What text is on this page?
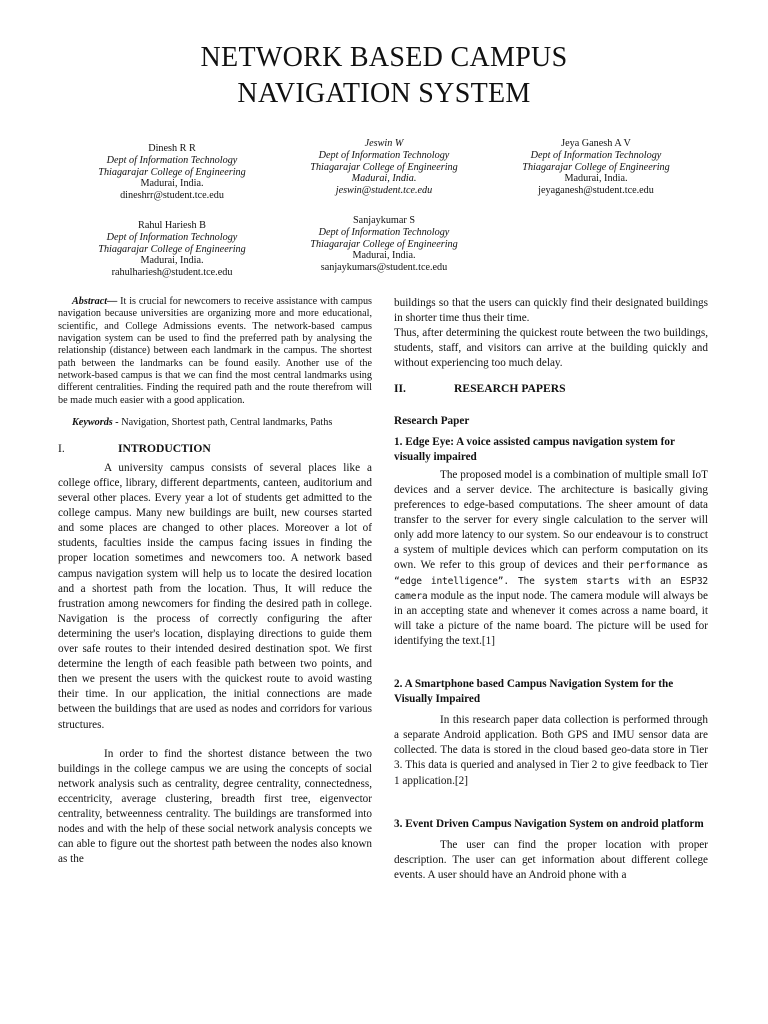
NETWORK BASED CAMPUS
NAVIGATION SYSTEM
Dinesh R R
Dept of Information Technology
Thiagarajar College of Engineering
Madurai, India.
dineshrr@student.tce.edu
Jeswin W
Dept of Information Technology
Thiagarajar College of Engineering
Madurai, India.
jeswin@student.tce.edu
Jeya Ganesh A V
Dept of Information Technology
Thiagarajar College of Engineering
Madurai, India.
jeyaganesh@student.tce.edu
Rahul Hariesh B
Dept of Information Technology
Thiagarajar College of Engineering
Madurai, India.
rahulhariesh@student.tce.edu
Sanjaykumar S
Dept of Information Technology
Thiagarajar College of Engineering
Madurai, India.
sanjaykumars@student.tce.edu

Abstract— It is crucial for newcomers to receive assistance with campus navigation because universities are organizing more and more educational, scientific, and College Admissions events. The network-based campus navigation system can be used to find the preferred path by analysing the relationship (distance) between each landmark in the campus. The shortest path between the landmarks can be found easily. Another use of the network-based campus is that we can find the most central landmarks using different centralities. Finding the required path and the route therefrom will be made much easier with a good application.

Keywords - Navigation, Shortest path, Central landmarks, Paths

I.	INTRODUCTION

A university campus consists of several places like a college office, library, different departments, canteen, auditorium and several other places. Every year a lot of students get admitted to the college campus. Many new buildings are built, new courses started and some places are changed to other places. Moreover a lot of students, faculties inside the campus facing issues in finding the proper location sometimes and newcomers too. A network based campus navigation system will help us to locate the desired location and a shortest path from the location. Thus, It will reduce the frustration among newcomers for finding the desired path in college. Navigation is the process of correctly configuring the after determining the user's location, displaying directions to guide them over safe routes to their intended desired destination spot. We first determine the length of each feasible path between two points, and then we present the users with the quickest route to avoid wasting their time. In our application, the initial connections are made between the buildings that are used as nodes and corridors for various structures.

In order to find the shortest distance between the two buildings in the college campus we are using the concepts of social network analysis such as centrality, degree centrality, connectedness, eccentricity, average clustering, breadth first tree, eigenvector centrality, betweenness centrality. The buildings are transformed into nodes and with the help of these social network analysis concepts we can able to figure out the shortest path between the nodes also known as the

buildings so that the users can quickly find their designated buildings in shorter time thus their time.

Thus, after determining the quickest route between the two buildings, students, staff, and visitors can arrive at the building quickly and without experiencing too much delay.

II.	RESEARCH PAPERS

Research Paper

1. Edge Eye: A voice assisted campus navigation system for visually impaired

The proposed model is a combination of multiple small IoT devices and a server device. The architecture is basically giving preferences to edge-based computations. The sheer amount of data transfer to the server for every single calculation to the server will only add more latency to our system. So our endeavour is to construct a system of multiple devices which can perform computation on its own. We refer to this group of devices and their performance as “edge intelligence”. The system starts with an ESP32 camera module as the input node. The camera module will always be in an accepting state and whenever it comes across a name board, it will take a picture of the name board. The picture will be used for identifying the text.[1]

2. A Smartphone based Campus Navigation System for the Visually Impaired

In this research paper data collection is performed through a separate Android application. Both GPS and IMU sensor data are collected. The data is stored in the cloud based geo-data store in Tier 3. This data is queried and analysed in Tier 2 to give feedback to Tier 1 application.[2]

3. Event Driven Campus Navigation System on android platform

The user can find the proper location with proper description. The user can get information about different college events. A user should have an Android phone with a
